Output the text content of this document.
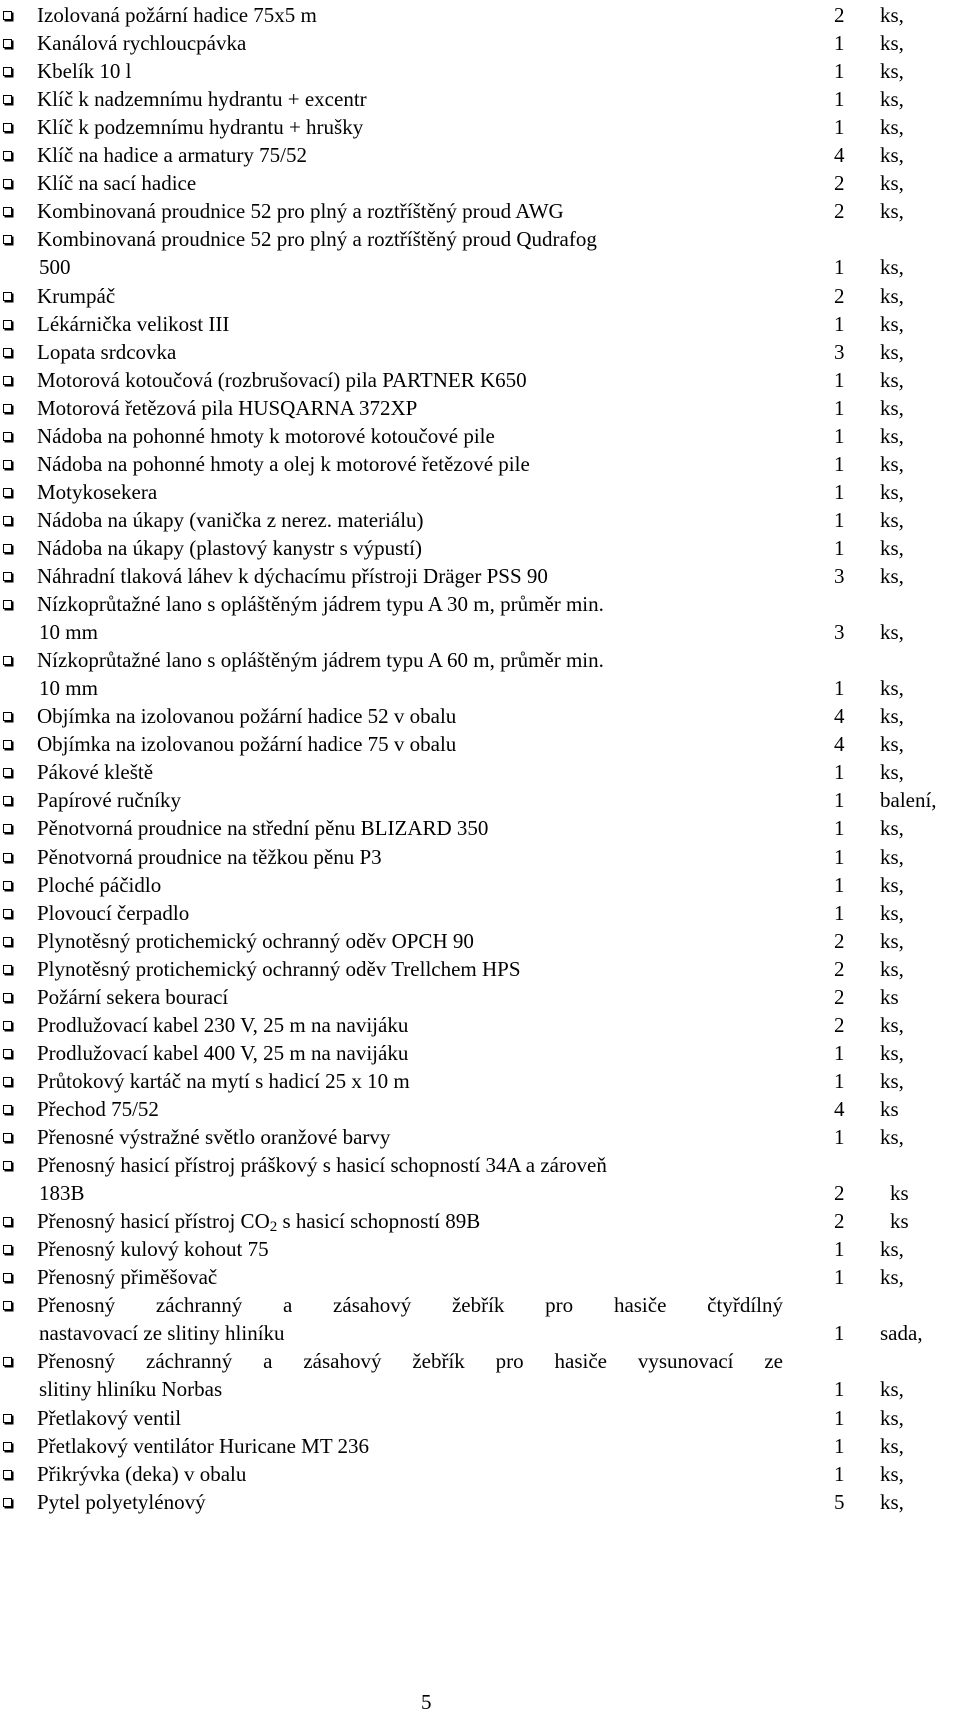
Izolovaná požární hadice 75x5 m	2 ks,
Kanálová rychloucpávka	1 ks,
Kbelík 10 l	1 ks,
Klíč k nadzemnímu hydrantu + excentr	1 ks,
Klíč k podzemnímu hydrantu + hrušky	1 ks,
Klíč na hadice a armatury 75/52	4 ks,
Klíč na sací hadice	2 ks,
Kombinovaná proudnice 52 pro plný a roztříštěný proud AWG	2 ks,
Kombinovaná proudnice 52 pro plný a roztříštěný proud Qudrafog
500	1 ks,
Krumpáč	2 ks,
Lékárnička velikost III	1 ks,
Lopata srdcovka	3 ks,
Motorová kotoučová (rozbrušovací) pila PARTNER K650	1 ks,
Motorová řetězová pila HUSQARNA 372XP	1 ks,
Nádoba na pohonné hmoty k motorové kotoučové pile	1 ks,
Nádoba na pohonné hmoty a olej k motorové řetězové pile	1 ks,
Motykosekera	1 ks,
Nádoba na úkapy (vanička z nerez. materiálu)	1 ks,
Nádoba na úkapy (plastový kanystr s výpustí)	1 ks,
Náhradní tlaková láhev k dýchacímu přístroji Dräger PSS 90	3 ks,
Nízkoprůtažné lano s opláštěným jádrem typu A 30 m, průměr min.
10 mm	3 ks,
Nízkoprůtažné lano s opláštěným jádrem typu A 60 m, průměr min.
10 mm	1 ks,
Objímka na izolovanou požární hadice 52 v obalu	4 ks,
Objímka na izolovanou požární hadice 75 v obalu	4 ks,
Pákové kleště	1 ks,
Papírové ručníky	1 balení,
Pěnotvorná proudnice na střední pěnu BLIZARD 350	1 ks,
Pěnotvorná proudnice na těžkou pěnu P3	1 ks,
Ploché páčidlo	1 ks,
Plovoucí čerpadlo	1 ks,
Plynotěsný protichemický ochranný oděv OPCH 90	2 ks,
Plynotěsný protichemický ochranný oděv Trellchem HPS	2 ks,
Požární sekera bourací	2 ks
Prodlužovací kabel 230 V, 25 m na navijáku	2 ks,
Prodlužovací kabel 400 V, 25 m na navijáku	1 ks,
Průtokový kartáč na mytí s hadicí 25 x 10 m	1 ks,
Přechod 75/52	4 ks
Přenosné výstražné světlo oranžové barvy	1 ks,
Přenosný hasicí přístroj práškový s hasicí schopností 34A a zároveň
183B	2 ks
Přenosný hasicí přístroj $CO_2$ s hasicí schopností 89B	2 ks
Přenosný kulový kohout 75	1 ks,
Přenosný přiměšovač	1 ks,
Přenosný záchranný a zásahový žebřík pro hasiče čtyřdílný
nastavovací ze slitiny hliníku	1 sada,
Přenosný záchranný a zásahový žebřík pro hasiče vysunovací ze
slitiny hliníku Norbas	1 ks,
Přetlakový ventil	1 ks,
Přetlakový ventilátor Huricane MT 236	1 ks,
Přikrývka (deka) v obalu	1 ks,
Pytel polyetylénový	5 ks,
5
